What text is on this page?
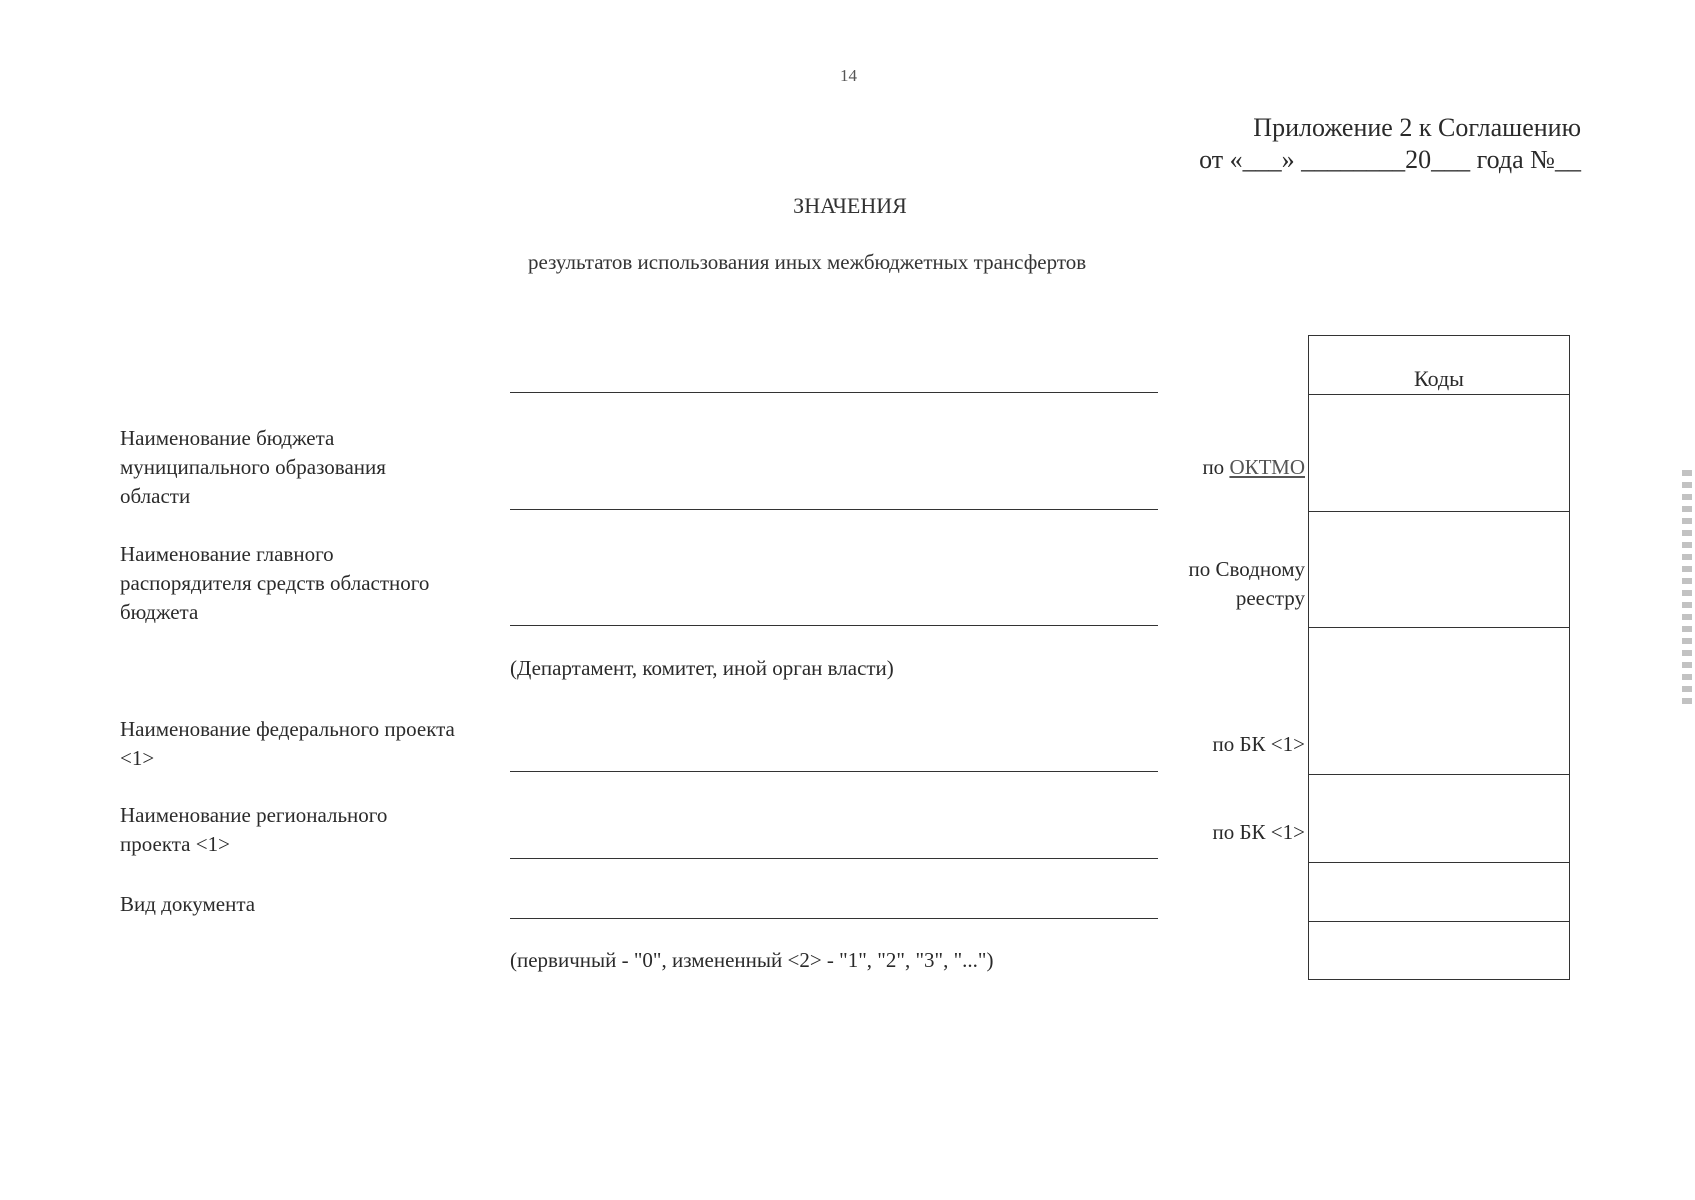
14
Приложение 2 к Соглашению
от «___» ________20___ года №__
ЗНАЧЕНИЯ
результатов использования иных межбюджетных трансфертов
Наименование бюджета
муниципального образования
области
по ОКТМО
Наименование главного
распорядителя средств областного
бюджета
по Сводному
реестру
(Департамент, комитет, иной орган власти)
Наименование федерального проекта
<1>
по БК <1>
Наименование регионального
проекта <1>	по БК <1>
Вид документа
(первичный - "0", измененный <2> - "1", "2", "3", "...")
Коды
